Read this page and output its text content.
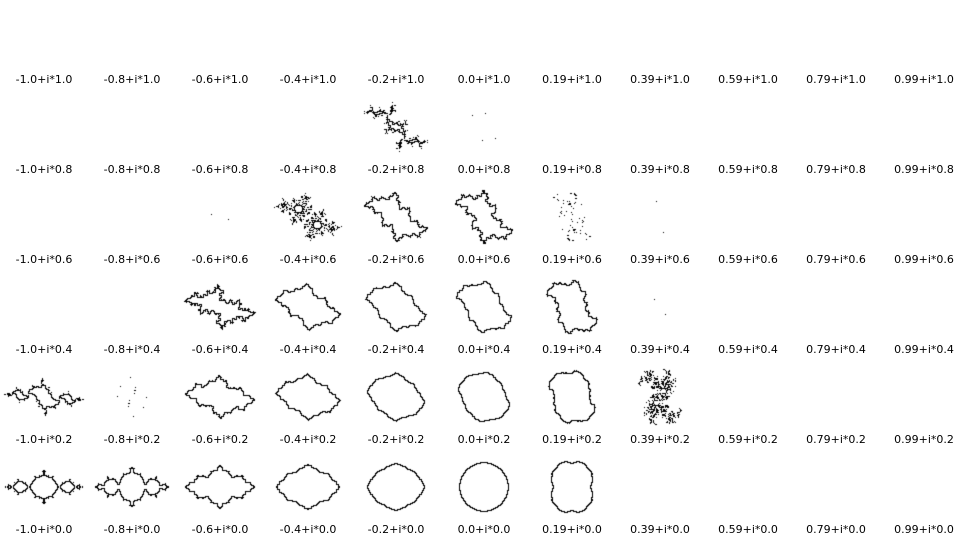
-1.0+i*1.0	-0.8+i*1.0	-0.6+i*1.0	-0.4+i*1.0	-0.2+i*1.0	0.0+i*1.0	0.19+i*1.0	0.39+i*1.0	0.59+i*1.0	0.79+i*1.0	0.99+i*1.0
-1.0+i*0.8	-0.8+i*0.8	-0.6+i*0.8	-0.4+i*0.8	-0.2+i*0.8	0.0+i*0.8	0.19+i*0.8	0.39+i*0.8	0.59+i*0.8	0.79+i*0.8	0.99+i*0.8
-1.0+i*0.6	-0.8+i*0.6	-0.6+i*0.6	-0.4+i*0.6	-0.2+i*0.6	0.0+i*0.6	0.19+i*0.6	0.39+i*0.6	0.59+i*0.6	0.79+i*0.6	0.99+i*0.6
-1.0+i*0.4	-0.8+i*0.4	-0.6+i*0.4	-0.4+i*0.4	-0.2+i*0.4	0.0+i*0.4	0.19+i*0.4	0.39+i*0.4	0.59+i*0.4	0.79+i*0.4	0.99+i*0.4
-1.0+i*0.2	-0.8+i*0.2	-0.6+i*0.2	-0.4+i*0.2	-0.2+i*0.2	0.0+i*0.2	0.19+i*0.2	0.39+i*0.2	0.59+i*0.2	0.79+i*0.2	0.99+i*0.2
-1.0+i*0.0	-0.8+i*0.0	-0.6+i*0.0	-0.4+i*0.0	-0.2+i*0.0	0.0+i*0.0	0.19+i*0.0	0.39+i*0.0	0.59+i*0.0	0.79+i*0.0	0.99+i*0.0
